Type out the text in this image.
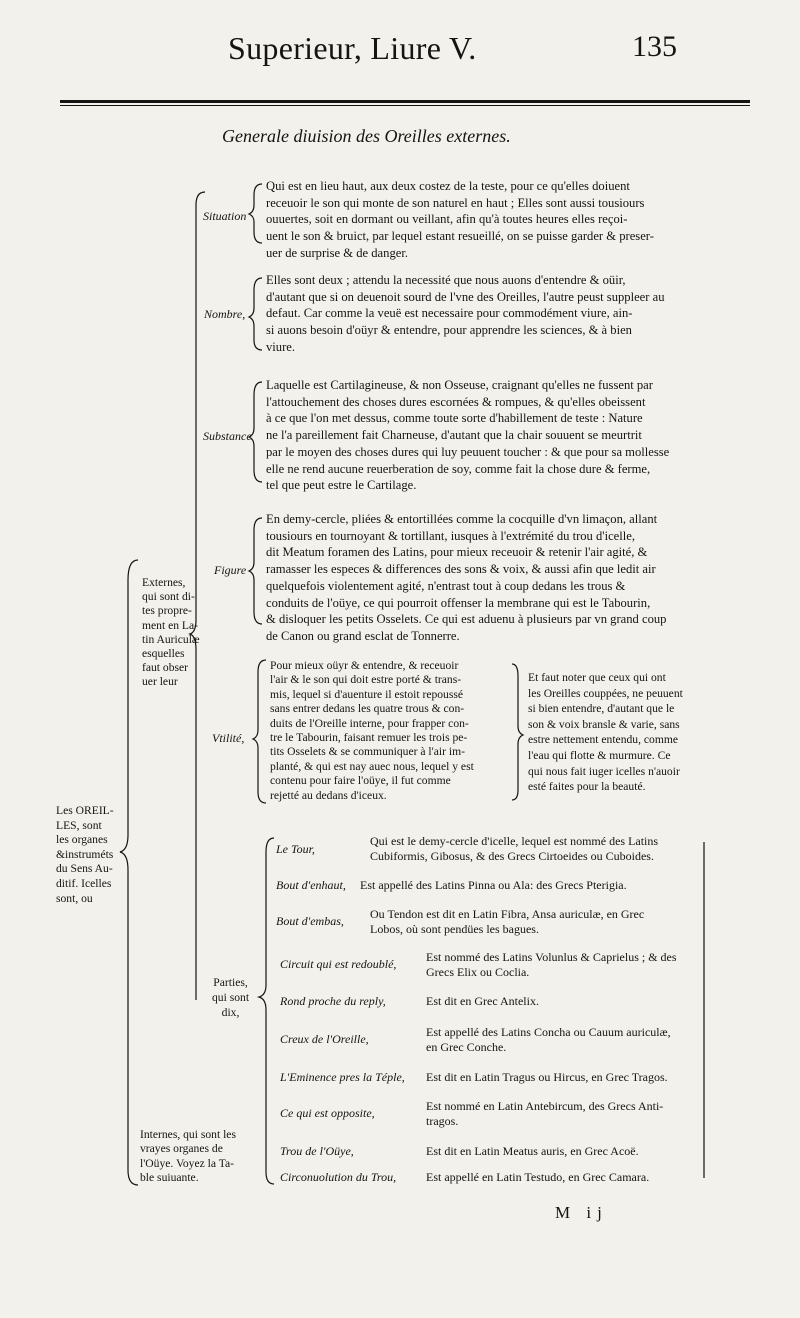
Superieur, Liure V.	135
Generale diuision des Oreilles externes.
Situation
Qui est en lieu haut, aux deux costez de la teste, pour ce qu'elles doiuent
receuoir le son qui monte de son naturel en haut ; Elles sont aussi tousiours
ouuertes, soit en dormant ou veillant, afin qu'à toutes heures elles reçoi-
uent le son & bruict, par lequel estant resueillé, on se puisse garder & preser-
uer de surprise & de danger.
Nombre,
Elles sont deux ; attendu la necessité que nous auons d'entendre & oüir,
d'autant que si on deuenoit sourd de l'vne des Oreilles, l'autre peust suppleer au
defaut. Car comme la veuë est necessaire pour commodément viure, ain-
si auons besoin d'oüyr & entendre, pour apprendre les sciences, & à bien
viure.
Substance
Laquelle est Cartilagineuse, & non Osseuse, craignant qu'elles ne fussent par
l'attouchement des choses dures escornées & rompues, & qu'elles obeissent
à ce que l'on met dessus, comme toute sorte d'habillement de teste : Nature
ne l'a pareillement fait Charneuse, d'autant que la chair souuent se meurtrit
par le moyen des choses dures qui luy peuuent toucher : & que pour sa mollesse
elle ne rend aucune reuerberation de soy, comme fait la chose dure & ferme,
tel que peut estre le Cartilage.
Figure
En demy-cercle, pliées & entortillées comme la cocquille d'vn limaçon, allant
tousiours en tournoyant & tortillant, iusques à l'extrémité du trou d'icelle,
dit Meatum foramen des Latins, pour mieux receuoir & retenir l'air agité, &
ramasser les especes & differences des sons & voix, & aussi afin que ledit air
quelquefois violentement agité, n'entrast tout à coup dedans les trous &
conduits de l'oüye, ce qui pourroit offenser la membrane qui est le Tabourin,
& disloquer les petits Osselets. Ce qui est aduenu à plusieurs par vn grand coup
de Canon ou grand esclat de Tonnerre.
Externes,
qui sont di-
tes propre-
ment en La-
tin Auriculæ
esquelles
faut obser
uer leur
Vtilité,
Pour mieux oüyr & entendre, & receuoir
l'air & le son qui doit estre porté & trans-
mis, lequel si d'auenture il estoit repoussé
sans entrer dedans les quatre trous & con-
duits de l'Oreille interne, pour frapper con-
tre le Tabourin, faisant remuer les trois pe-
tits Osselets & se communiquer à l'air im-
planté, & qui est nay auec nous, lequel y est
contenu pour faire l'oüye, il fut comme
rejetté au dedans d'iceux.
Et faut noter que ceux qui ont
les Oreilles couppées, ne peuuent
si bien entendre, d'autant que le
son & voix bransle & varie, sans
estre nettement entendu, comme
l'eau qui flotte & murmure. Ce
qui nous fait iuger icelles n'auoir
esté faites pour la beauté.
Les OREIL-
LES, sont
les organes
&instruméts
du Sens Au-
ditif. Icelles
sont, ou
Parties,
qui sont
dix,
Le Tour,
Qui est le demy-cercle d'icelle, lequel est nommé des Latins
Cubiformis, Gibosus, & des Grecs Cirtoeides ou Cuboides.
Bout d'enhaut, Est appellé des Latins Pinna ou Ala: des Grecs Pterigia.
Bout d'embas, Ou Tendon est dit en Latin Fibra, Ansa auriculæ, en Grec
Lobos, où sont pendües les bagues.
Circuit qui est redoublé, Est nommé des Latins Volunlus & Caprielus ; & des
Grecs Elix ou Coclia.
Rond proche du reply,	Est dit en Grec Antelix.
Creux de l'Oreille,	Est appellé des Latins Concha ou Cauum auriculæ,
en Grec Conche.
L'Eminence pres la Téple, Est dit en Latin Tragus ou Hircus, en Grec Tragos.
Ce qui est opposite,	Est nommé en Latin Antebircum, des Grecs Anti-
tragos.
Trou de l'Oüye,	Est dit en Latin Meatus auris, en Grec Acoë.
Circonuolution du Trou, Est appellé en Latin Testudo, en Grec Camara.
Internes, qui sont les
vrayes organes de
l'Oüye. Voyez la Ta-
ble suiuante.
M ij
